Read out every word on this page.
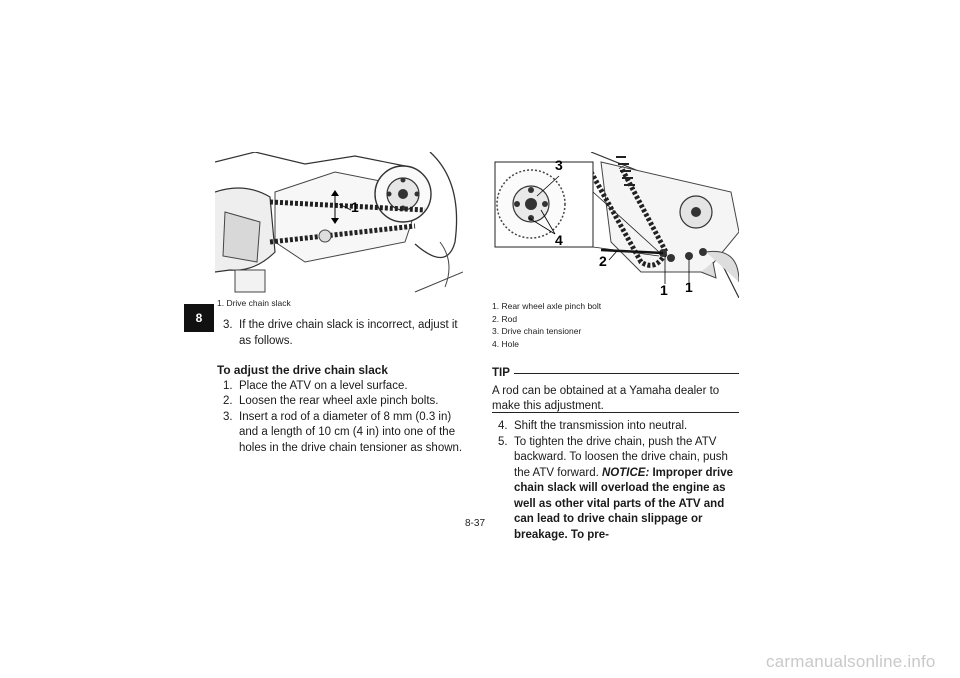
8
1
1. Drive chain slack
3. If the drive chain slack is incorrect, adjust it as follows.
To adjust the drive chain slack
1. Place the ATV on a level surface.
2. Loosen the rear wheel axle pinch bolts.
3. Insert a rod of a diameter of 8 mm (0.3 in) and a length of 10 cm (4 in) into one of the holes in the drive chain tensioner as shown.
3
4
2
1 1
1. Rear wheel axle pinch bolt
2. Rod
3. Drive chain tensioner
4. Hole
TIP
A rod can be obtained at a Yamaha dealer to make this adjustment.
4. Shift the transmission into neutral.
5. To tighten the drive chain, push the ATV backward. To loosen the drive chain, push the ATV forward. NOTICE: Improper drive chain slack will overload the engine as well as other vital parts of the ATV and can lead to drive chain slippage or breakage. To pre-
8-37
carmanualsonline.info
